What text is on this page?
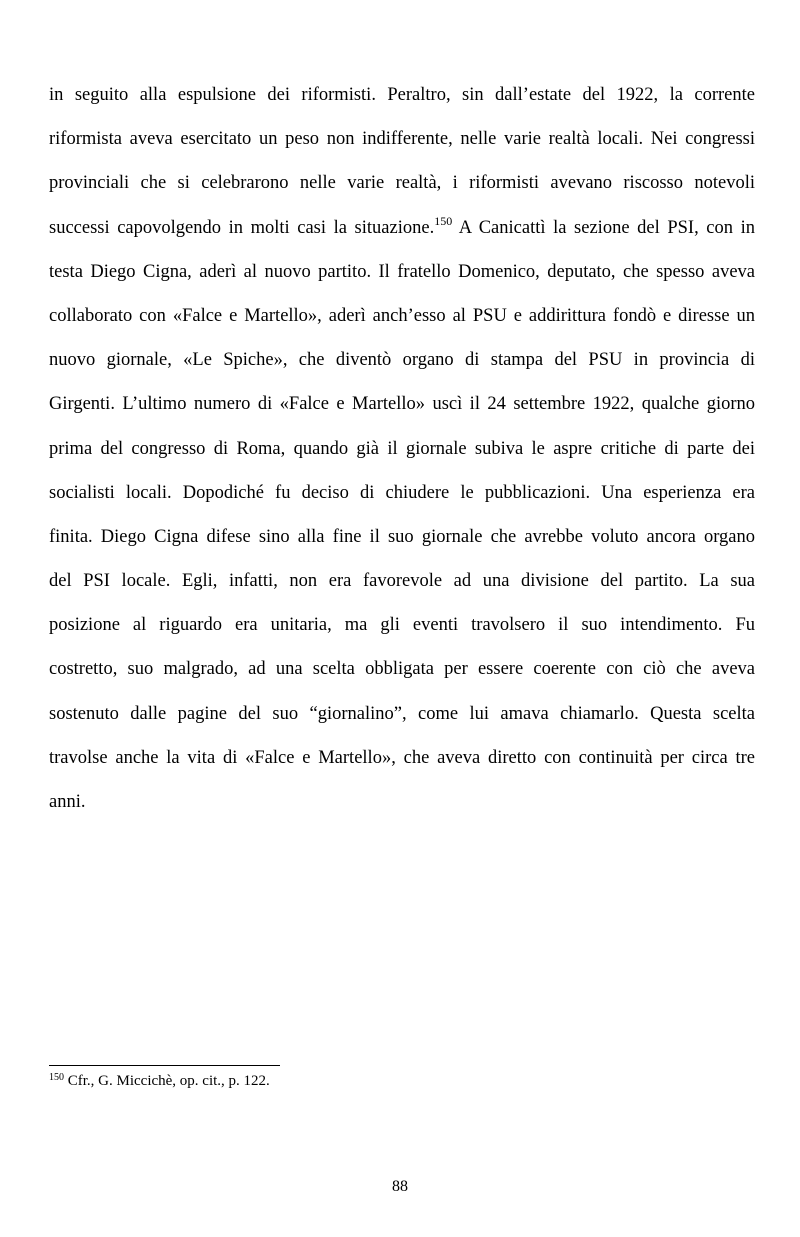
in seguito alla espulsione dei riformisti. Peraltro, sin dall’estate del 1922, la corrente
riformista aveva esercitato un peso non indifferente, nelle varie realtà locali. Nei congressi
provinciali che si celebrarono nelle varie realtà, i riformisti avevano riscosso notevoli
successi capovolgendo in molti casi la situazione.$^{150}$ A Canicattì la sezione del PSI, con in
testa Diego Cigna, aderì al nuovo partito. Il fratello Domenico, deputato, che spesso aveva
collaborato con «Falce e Martello», aderì anch’esso al PSU e addirittura fondò e diresse un
nuovo giornale, «Le Spiche», che diventò organo di stampa del PSU in provincia di
Girgenti. L’ultimo numero di «Falce e Martello» uscì il 24 settembre 1922, qualche giorno
prima del congresso di Roma, quando già il giornale subiva le aspre critiche di parte dei
socialisti locali. Dopodiché fu deciso di chiudere le pubblicazioni. Una esperienza era
finita. Diego Cigna difese sino alla fine il suo giornale che avrebbe voluto ancora organo
del PSI locale. Egli, infatti, non era favorevole ad una divisione del partito. La sua
posizione al riguardo era unitaria, ma gli eventi travolsero il suo intendimento. Fu
costretto, suo malgrado, ad una scelta obbligata per essere coerente con ciò che aveva
sostenuto dalle pagine del suo “giornalino”, come lui amava chiamarlo. Questa scelta
travolse anche la vita di «Falce e Martello», che aveva diretto con continuità per circa tre
anni.
$^{150}$ Cfr., G. Miccichè, op. cit., p. 122.
88
